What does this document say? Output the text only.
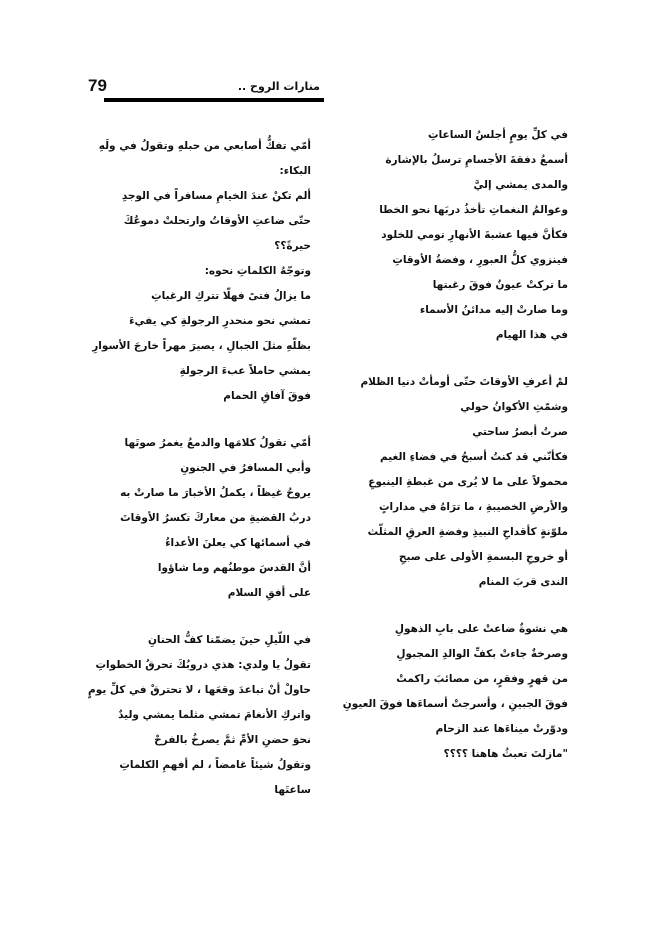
79	منارات الروح ..
في كلِّ يومٍ أجلسُ الساعاتِ
أسمعُ دفقةَ الأجسامِ ترسلُ بالإشارة
والمدى يمشي إليَّ
وعوالمُ النغماتِ تأخذُ دربَها نحو الخطا
فكأنَّ فيها عشبةَ الأنهارِ تومي للخلود
فينزوي كلُّ العبورِ ، وفضةُ الأوقاتِ
ما تركتْ عيونٌ فوقَ رغبتها
وما صارتْ إليه مدائنُ الأسماء
في هذا الهيام
لمْ أعرفِ الأوقاتَ حتّى أومأتْ دنيا الظلام
وشمّتِ الأكوانُ حولي
صرتُ أبصرُ ساحتي
فكأنّني قد كنتُ أسبحُ في فضاءِ الغيم
محمولاً على ما لا يُرى من غبطةِ الينبوعِ
والأرضِ الخصيبةِ ، ما ترَاهُ في مداراتٍ
ملوّنةٍ كأقداحِ النبيذِ وفضةِ العرقِ المثلّث
أو خروجِ البسمةِ الأولى على صبحِ
الندى قربَ المنام
هي نشوةٌ ضاعتْ على بابِ الذهولِ
وصرخةٌ جاءتْ بكفِّ الوالدِ المجبولِ
من قهرٍ وفقرٍ، من مصائبَ راكمتْ
فوقَ الجبينِ ، وأسرجتْ أسماءَها فوقَ العيونِ
ودوّرتْ ميناءَها عند الزحام
"مازلتَ تعبثُ هاهنا ؟؟؟؟
أمّي تفكُّ أصابعي من حبلهِ وتقولُ في ولَهِ
البكاء:
ألم تكنْ عندَ الخيامِ مسافراً في الوجدِ
حتّى ضاعتِ الأوقاتُ وارتحلتْ دموعُكَ
حيرةً؟؟
وتوجّهُ الكلماتِ نحوه:
ما يزالُ فتىً فهلّا تتركِ الرغباتِ
تمشي نحو منحدرِ الرجولةِ كي يفيءَ
بظلّهِ مثلَ الجبالِ ، يصيرَ مهراً خارجَ الأسوارِ
يمشي حاملاً عبءَ الرجولةِ
فوقَ آفاقِ الحمام
أمّي تقولُ كلامَها والدمعُ يغمرُ صوتَها
وأبي المسافرُ في الجنونِ
يروحُ غيظاً ، يكملُ الأخبارَ ما صارتْ به
دربُ القضيةِ من معاركَ تكسرُ الأوقاتَ
في أسمائها كي يعلنَ الأعداءُ
أنَّ القدسَ موطنُهم وما شاؤوا
على أفقِ السلام
في اللّيلِ حينَ يضمّنا كفُّ الحنانِ
تقولُ يا ولدي: هذي دروبُكَ تحرقُ الخطواتِ
حاولْ أنْ تباعدَ وقعَها ، لا تحترقْ في كلِّ يومٍ
واتركِ الأنغامَ تمشي مثلما يمشي وليدٌ
نحوَ حضنِ الأمِّ ثمَّ يصرخُ بالفرحْ
وتقولُ شيئاً غامضاً ، لم أفهمِ الكلماتِ
ساعتَها
